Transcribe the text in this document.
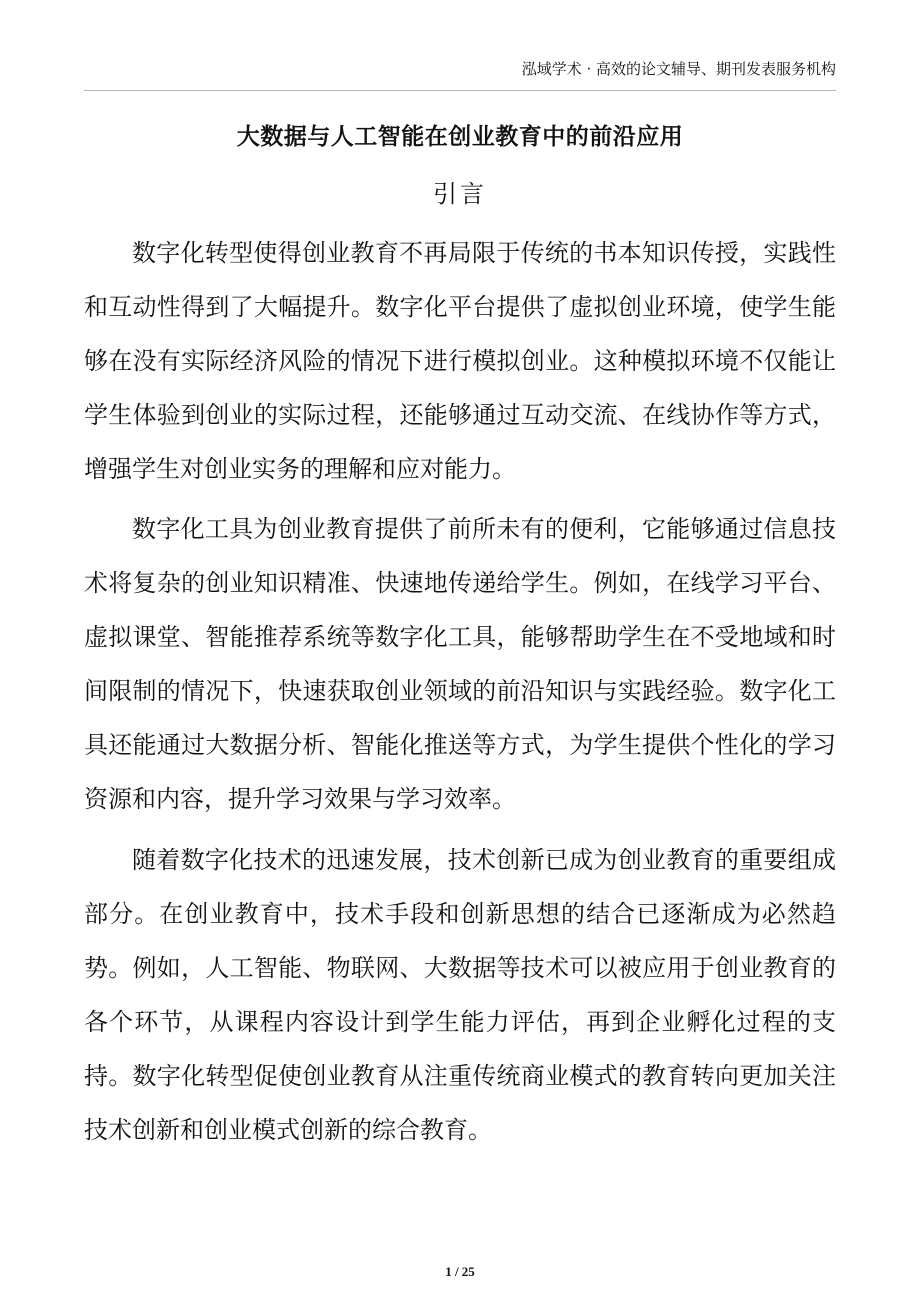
泓域学术 · 高效的论文辅导、期刊发表服务机构
大数据与人工智能在创业教育中的前沿应用
引言

数字化转型使得创业教育不再局限于传统的书本知识传授，实践性和互动性得到了大幅提升。数字化平台提供了虚拟创业环境，使学生能够在没有实际经济风险的情况下进行模拟创业。这种模拟环境不仅能让学生体验到创业的实际过程，还能够通过互动交流、在线协作等方式，增强学生对创业实务的理解和应对能力。

数字化工具为创业教育提供了前所未有的便利，它能够通过信息技术将复杂的创业知识精准、快速地传递给学生。例如，在线学习平台、虚拟课堂、智能推荐系统等数字化工具，能够帮助学生在不受地域和时间限制的情况下，快速获取创业领域的前沿知识与实践经验。数字化工具还能通过大数据分析、智能化推送等方式，为学生提供个性化的学习资源和内容，提升学习效果与学习效率。

随着数字化技术的迅速发展，技术创新已成为创业教育的重要组成部分。在创业教育中，技术手段和创新思想的结合已逐渐成为必然趋势。例如，人工智能、物联网、大数据等技术可以被应用于创业教育的各个环节，从课程内容设计到学生能力评估，再到企业孵化过程的支持。数字化转型促使创业教育从注重传统商业模式的教育转向更加关注技术创新和创业模式创新的综合教育。

1 / 25
